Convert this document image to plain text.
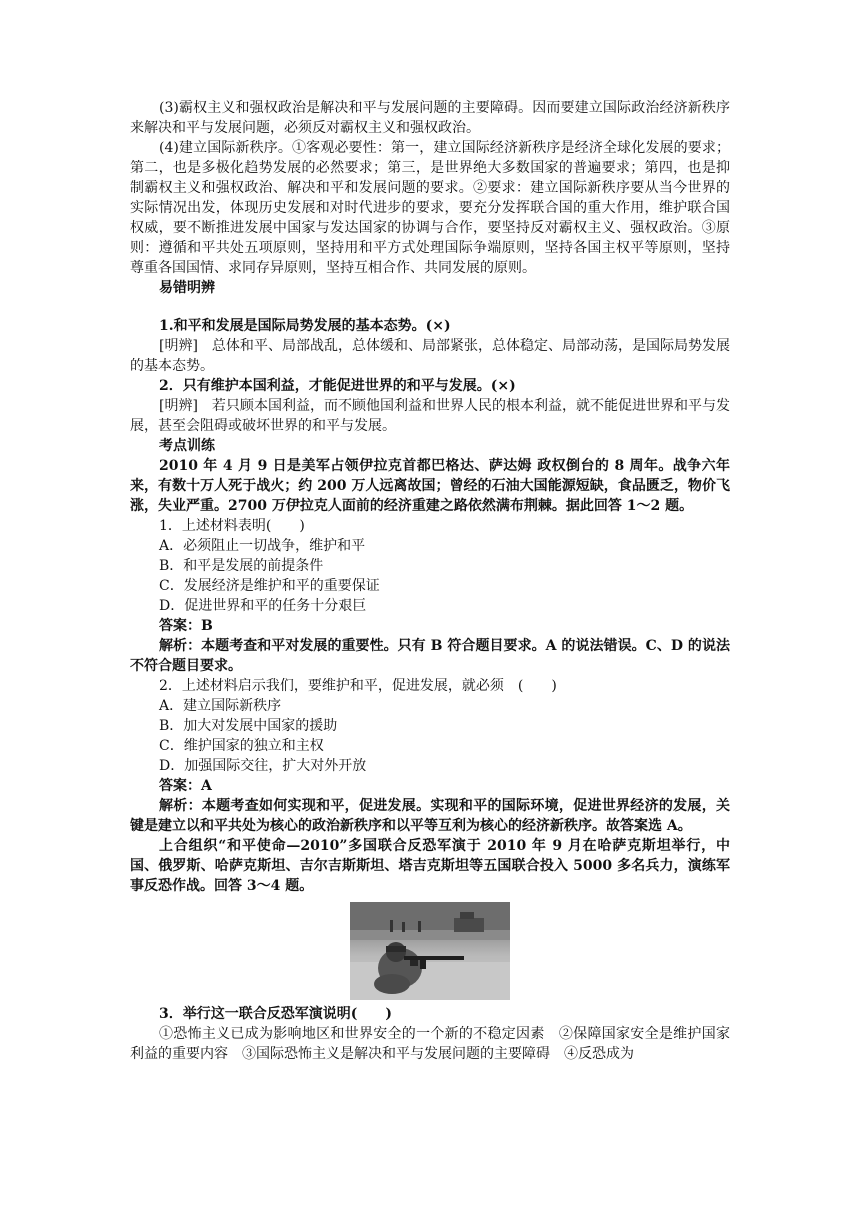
(3)霸权主义和强权政治是解决和平与发展问题的主要障碍。因而要建立国际政治经济新秩序来解决和平与发展问题，必须反对霸权主义和强权政治。

(4)建立国际新秩序。①客观必要性：第一，建立国际经济新秩序是经济全球化发展的要求；第二，也是多极化趋势发展的必然要求；第三，是世界绝大多数国家的普遍要求；第四，也是抑制霸权主义和强权政治、解决和平和发展问题的要求。②要求：建立国际新秩序要从当今世界的实际情况出发，体现历史发展和对时代进步的要求，要充分发挥联合国的重大作用，维护联合国权威，要不断推进发展中国家与发达国家的协调与合作，要坚持反对霸权主义、强权政治。③原则：遵循和平共处五项原则，坚持用和平方式处理国际争端原则，坚持各国主权平等原则，坚持尊重各国国情、求同存异原则，坚持互相合作、共同发展的原则。

易错明辨

1.和平和发展是国际局势发展的基本态势。(×)

[明辨]　总体和平、局部战乱，总体缓和、局部紧张，总体稳定、局部动荡，是国际局势发展的基本态势。

2．只有维护本国利益，才能促进世界的和平与发展。(×)

[明辨]　若只顾本国利益，而不顾他国利益和世界人民的根本利益，就不能促进世界和平与发展，甚至会阻碍或破坏世界的和平与发展。

考点训练

2010 年 4 月 9 日是美军占领伊拉克首都巴格达、萨达姆 政权倒台的 8 周年。战争六年来，有数十万人死于战火；约 200 万人远离故国；曾经的石油大国能源短缺，食品匮乏，物价飞涨，失业严重。2700 万伊拉克人面前的经济重建之路依然满布荆棘。据此回答 1～2 题。

1．上述材料表明(　　)

A．必须阻止一切战争，维护和平

B．和平是发展的前提条件

C．发展经济是维护和平的重要保证

D．促进世界和平的任务十分艰巨

答案：B

解析：本题考查和平对发展的重要性。只有 B 符合题目要求。A 的说法错误。C、D 的说法不符合题目要求。

2．上述材料启示我们，要维护和平，促进发展，就必须　(　　)

A．建立国际新秩序

B．加大对发展中国家的援助

C．维护国家的独立和主权

D．加强国际交往，扩大对外开放

答案：A

解析：本题考查如何实现和平，促进发展。实现和平的国际环境，促进世界经济的发展，关键是建立以和平共处为核心的政治新秩序和以平等互利为核心的经济新秩序。故答案选 A。

上合组织“和平使命—2010”多国联合反恐军演于 2010 年 9 月在哈萨克斯坦举行，中国、俄罗斯、哈萨克斯坦、吉尔吉斯斯坦、塔吉克斯坦等五国联合投入 5000 多名兵力，演练军事反恐作战。回答 3～4 题。

3．举行这一联合反恐军演说明(　　)

①恐怖主义已成为影响地区和世界安全的一个新的不稳定因素　②保障国家安全是维护国家利益的重要内容　③国际恐怖主义是解决和平与发展问题的主要障碍　④反恐成为
